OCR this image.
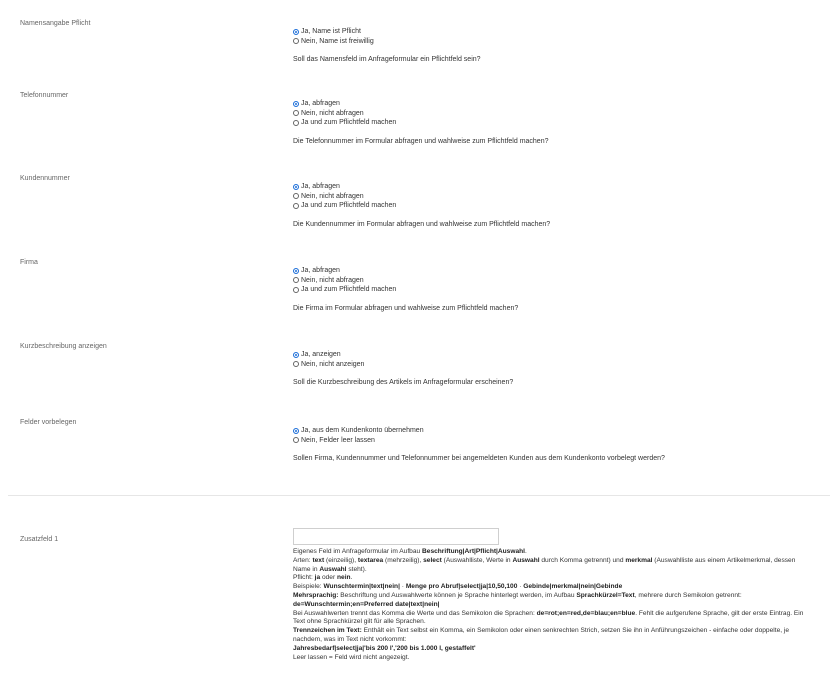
Namensangabe Pflicht
Ja, Name ist Pflicht
Nein, Name ist freiwillig
Soll das Namensfeld im Anfrageformular ein Pflichtfeld sein?
Telefonnummer
Ja, abfragen
Nein, nicht abfragen
Ja und zum Pflichtfeld machen
Die Telefonnummer im Formular abfragen und wahlweise zum Pflichtfeld machen?
Kundennummer
Ja, abfragen
Nein, nicht abfragen
Ja und zum Pflichtfeld machen
Die Kundennummer im Formular abfragen und wahlweise zum Pflichtfeld machen?
Firma
Ja, abfragen
Nein, nicht abfragen
Ja und zum Pflichtfeld machen
Die Firma im Formular abfragen und wahlweise zum Pflichtfeld machen?
Kurzbeschreibung anzeigen
Ja, anzeigen
Nein, nicht anzeigen
Soll die Kurzbeschreibung des Artikels im Anfrageformular erscheinen?
Felder vorbelegen
Ja, aus dem Kundenkonto übernehmen
Nein, Felder leer lassen
Sollen Firma, Kundennummer und Telefonnummer bei angemeldeten Kunden aus dem Kundenkonto vorbelegt werden?
Zusatzfeld 1
Eigenes Feld im Anfrageformular im Aufbau Beschriftung|Art|Pflicht|Auswahl.
Arten: text (einzeilig), textarea (mehrzeilig), select (Auswahlliste, Werte in Auswahl durch Komma getrennt) und merkmal (Auswahlliste aus einem Artikelmerkmal, dessen Name in Auswahl steht).
Pflicht: ja oder nein.
Beispiele: Wunschtermin|text|nein| · Menge pro Abruf|select|ja|10,50,100 · Gebinde|merkmal|nein|Gebinde
Mehrsprachig: Beschriftung und Auswahlwerte können je Sprache hinterlegt werden, im Aufbau Sprachkürzel=Text, mehrere durch Semikolon getrennt:
de=Wunschtermin;en=Preferred date|text|nein|
Bei Auswahlwerten trennt das Komma die Werte und das Semikolon die Sprachen: de=rot;en=red,de=blau;en=blue. Fehlt die aufgerufene Sprache, gilt der erste Eintrag. Ein Text ohne Sprachkürzel gilt für alle Sprachen.
Trennzeichen im Text: Enthält ein Text selbst ein Komma, ein Semikolon oder einen senkrechten Strich, setzen Sie ihn in Anführungszeichen - einfache oder doppelte, je nachdem, was im Text nicht vorkommt:
Jahresbedarf|select|ja|'bis 200 l','200 bis 1.000 l, gestaffelt'
Leer lassen = Feld wird nicht angezeigt.
